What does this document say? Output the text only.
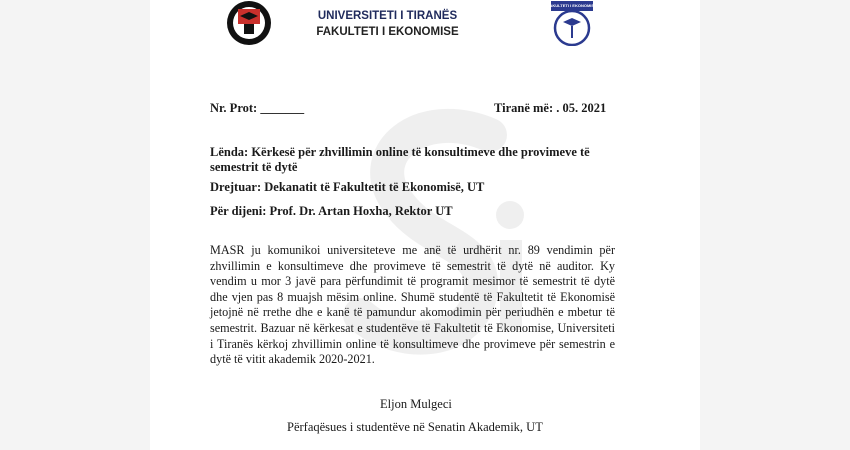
UNIVERSITETI I TIRANËS
FAKULTETI I EKONOMISE
FAKULTETI I EKONOMISË
Nr. Prot: _______	Tiranë më: . 05. 2021
Lënda: Kërkesë për zhvillimin online të konsultimeve dhe provimeve të semestrit të dytë
Drejtuar: Dekanatit të Fakultetit të Ekonomisë, UT
Për dijeni: Prof. Dr. Artan Hoxha, Rektor UT
MASR ju komunikoi universiteteve me anë të urdhërit nr. 89 vendimin për zhvillimin e konsultimeve dhe provimeve të semestrit të dytë në auditor. Ky vendim u mor 3 javë para përfundimit të programit mesimor të semestrit të dytë dhe vjen pas 8 muajsh mësim online. Shumë studentë të Fakultetit të Ekonomisë jetojnë në rrethe dhe e kanë të pamundur akomodimin për periudhën e mbetur të semestrit. Bazuar në kërkesat e studentëve të Fakultetit të Ekonomise, Universiteti i Tiranës kërkoj zhvillimin online të konsultimeve dhe provimeve për semestrin e dytë të vitit akademik 2020-2021.
Eljon Mulgeci
Përfaqësues i studentëve në Senatin Akademik, UT
